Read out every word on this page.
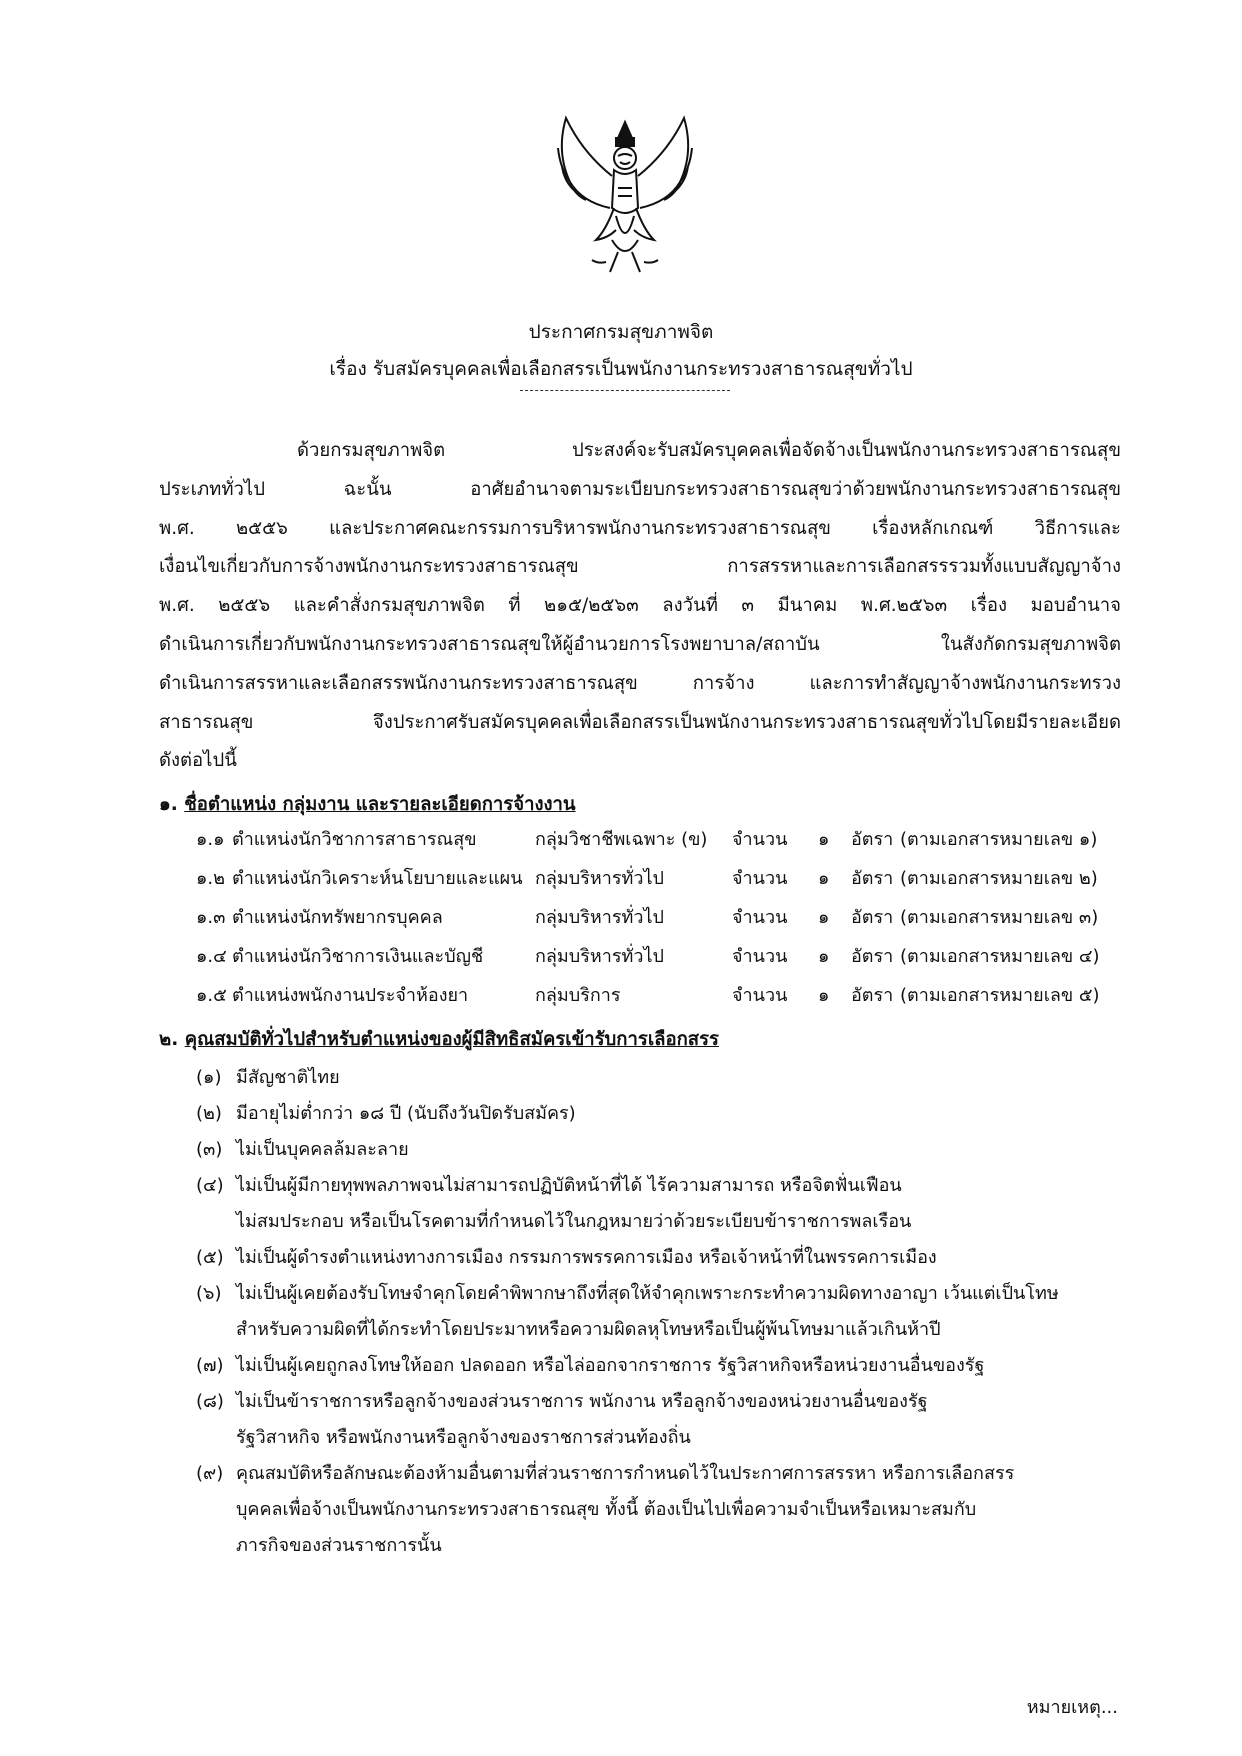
ประกาศกรมสุขภาพจิต
เรื่อง รับสมัครบุคคลเพื่อเลือกสรรเป็นพนักงานกระทรวงสาธารณสุขทั่วไป

ด้วยกรมสุขภาพจิต ประสงค์จะรับสมัครบุคคลเพื่อจัดจ้างเป็นพนักงานกระทรวงสาธารณสุข

ประเภททั่วไป ฉะนั้น อาศัยอำนาจตามระเบียบกระทรวงสาธารณสุขว่าด้วยพนักงานกระทรวงสาธารณสุข

พ.ศ. ๒๕๕๖ และประกาศคณะกรรมการบริหารพนักงานกระทรวงสาธารณสุข เรื่องหลักเกณฑ์ วิธีการและ

เงื่อนไขเกี่ยวกับการจ้างพนักงานกระทรวงสาธารณสุข การสรรหาและการเลือกสรรรวมทั้งแบบสัญญาจ้าง

พ.ศ. ๒๕๕๖ และคำสั่งกรมสุขภาพจิต ที่ ๒๑๕/๒๕๖๓ ลงวันที่ ๓ มีนาคม พ.ศ.๒๕๖๓ เรื่อง มอบอำนาจ

ดำเนินการเกี่ยวกับพนักงานกระทรวงสาธารณสุขให้ผู้อำนวยการโรงพยาบาล/สถาบัน ในสังกัดกรมสุขภาพจิต

ดำเนินการสรรหาและเลือกสรรพนักงานกระทรวงสาธารณสุข การจ้าง และการทำสัญญาจ้างพนักงานกระทรวง

สาธารณสุข จึงประกาศรับสมัครบุคคลเพื่อเลือกสรรเป็นพนักงานกระทรวงสาธารณสุขทั่วไปโดยมีรายละเอียด

ดังต่อไปนี้

๑. ชื่อตำแหน่ง กลุ่มงาน และรายละเอียดการจ้างงาน
๑.๑ ตำแหน่งนักวิชาการสาธารณสุข	กลุ่มวิชาชีพเฉพาะ (ข) จำนวน ๑ อัตรา (ตามเอกสารหมายเลข ๑)
๑.๒ ตำแหน่งนักวิเคราะห์นโยบายและแผน กลุ่มบริหารทั่วไป	จำนวน ๑ อัตรา (ตามเอกสารหมายเลข ๒)
๑.๓ ตำแหน่งนักทรัพยากรบุคคล	กลุ่มบริหารทั่วไป	จำนวน ๑ อัตรา (ตามเอกสารหมายเลข ๓)
๑.๔ ตำแหน่งนักวิชาการเงินและบัญชี	กลุ่มบริหารทั่วไป	จำนวน ๑ อัตรา (ตามเอกสารหมายเลข ๔)
๑.๕ ตำแหน่งพนักงานประจำห้องยา	กลุ่มบริการ	จำนวน ๑ อัตรา (ตามเอกสารหมายเลข ๕)
๒. คุณสมบัติทั่วไปสำหรับตำแหน่งของผู้มีสิทธิสมัครเข้ารับการเลือกสรร
(๑) มีสัญชาติไทย
(๒) มีอายุไม่ต่ำกว่า ๑๘ ปี (นับถึงวันปิดรับสมัคร)
(๓) ไม่เป็นบุคคลล้มละลาย
(๔) ไม่เป็นผู้มีกายทุพพลภาพจนไม่สามารถปฏิบัติหน้าที่ได้ ไร้ความสามารถ หรือจิตฟั่นเฟือน
ไม่สมประกอบ หรือเป็นโรคตามที่กำหนดไว้ในกฎหมายว่าด้วยระเบียบข้าราชการพลเรือน
(๕) ไม่เป็นผู้ดำรงตำแหน่งทางการเมือง กรรมการพรรคการเมือง หรือเจ้าหน้าที่ในพรรคการเมือง
(๖) ไม่เป็นผู้เคยต้องรับโทษจำคุกโดยคำพิพากษาถึงที่สุดให้จำคุกเพราะกระทำความผิดทางอาญา เว้นแต่เป็นโทษ
สำหรับความผิดที่ได้กระทำโดยประมาทหรือความผิดลหุโทษหรือเป็นผู้พ้นโทษมาแล้วเกินห้าปี
(๗) ไม่เป็นผู้เคยถูกลงโทษให้ออก ปลดออก หรือไล่ออกจากราชการ รัฐวิสาหกิจหรือหน่วยงานอื่นของรัฐ
(๘) ไม่เป็นข้าราชการหรือลูกจ้างของส่วนราชการ พนักงาน หรือลูกจ้างของหน่วยงานอื่นของรัฐ
รัฐวิสาหกิจ หรือพนักงานหรือลูกจ้างของราชการส่วนท้องถิ่น
(๙) คุณสมบัติหรือลักษณะต้องห้ามอื่นตามที่ส่วนราชการกำหนดไว้ในประกาศการสรรหา หรือการเลือกสรร
บุคคลเพื่อจ้างเป็นพนักงานกระทรวงสาธารณสุข ทั้งนี้ ต้องเป็นไปเพื่อความจำเป็นหรือเหมาะสมกับ
ภารกิจของส่วนราชการนั้น
หมายเหตุ...
